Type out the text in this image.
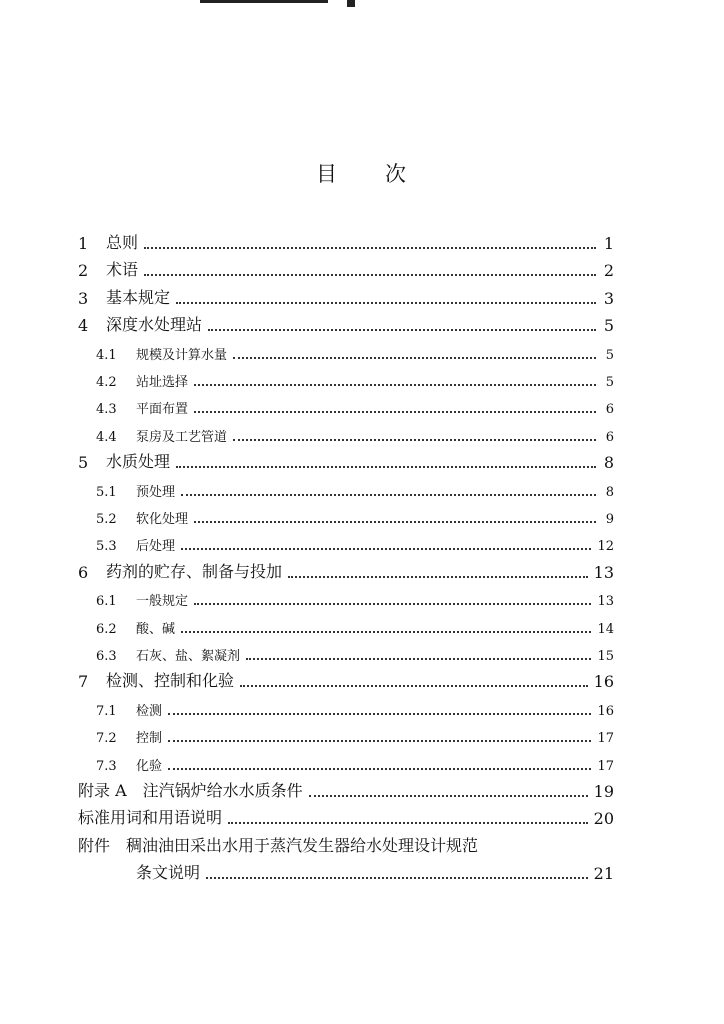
目 次
1	总则	1
2	术语	2
3	基本规定	3
4	深度水处理站	5
4.1	规模及计算水量	5
4.2	站址选择	5
4.3	平面布置	6
4.4	泵房及工艺管道	6
5	水质处理	8
5.1	预处理	8
5.2	软化处理	9
5.3	后处理	12
6	药剂的贮存、制备与投加	13
6.1	一般规定	13
6.2	酸、碱	14
6.3	石灰、盐、絮凝剂	15
7	检测、控制和化验	16
7.1	检测	16
7.2	控制	17
7.3	化验	17
附录 A　注汽锅炉给水水质条件	19
标准用词和用语说明	20
附件　稠油油田采出水用于蒸汽发生器给水处理设计规范
条文说明	21
